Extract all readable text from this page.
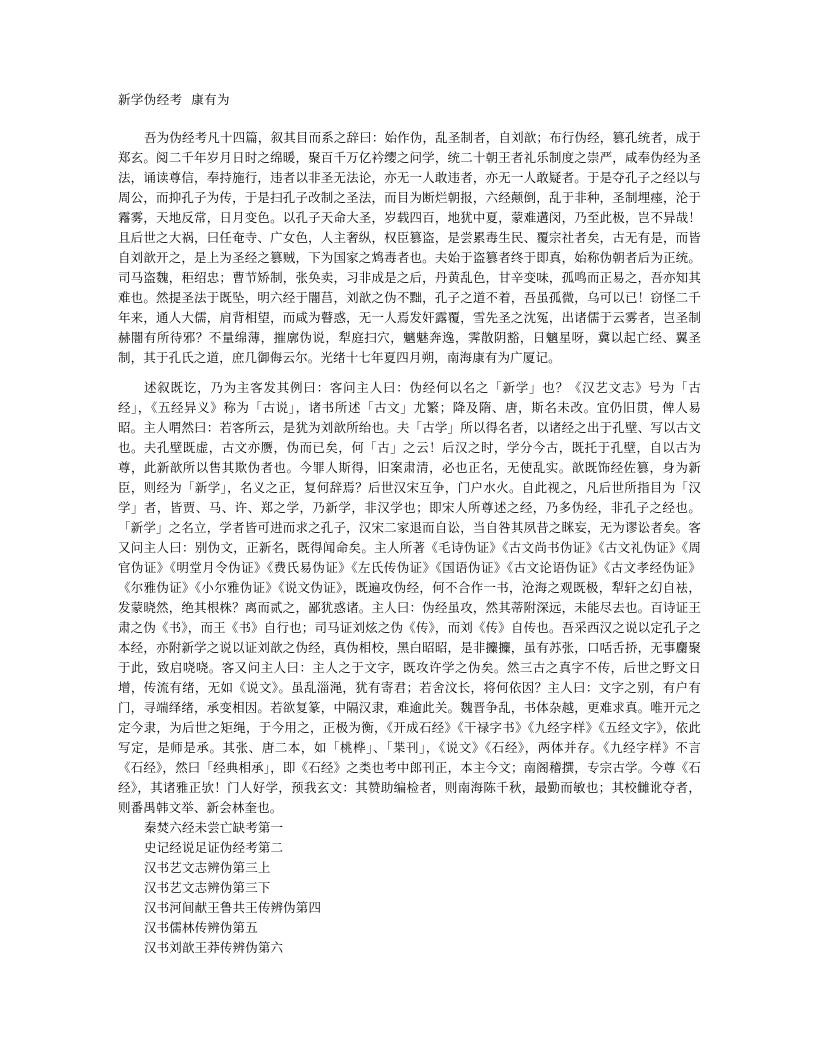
新学伪经考  康有为

吾为伪经考凡十四篇，叙其目而系之辞曰：始作伪，乱圣制者，自刘歆；布行伪经，篡孔统者，成于郑玄。阅二千年岁月日时之绵暖，聚百千万亿衿缨之问学，统二十朝王者礼乐制度之崇严，咸奉伪经为圣法，诵读尊信，奉持施行，违者以非圣无法论，亦无一人敢违者，亦无一人敢疑者。于是夺孔子之经以与周公，而抑孔子为传，于是扫孔子改制之圣法，而目为断烂朝报，六经颠倒，乱于非种，圣制埋瘗，沦于霿雾，天地反常，日月变色。以孔子天命大圣，岁载四百，地犹中夏，蒙难遘闵，乃至此极，岂不异哉！且后世之大祸，曰任奄寺、广女色，人主奢纵，权臣篡盗，是尝累毒生民、覆宗社者矣，古无有是，而皆自刘歆开之，是上为圣经之篡贼，下为国家之鸩毒者也。夫始于盗篡者终于即真，始称伪朝者后为正统。司马盗魏，秬绍忠；曹节矫制，张奂卖，习非成是之后，丹黄乱色，甘辛变味，孤鸣而正易之，吾亦知其难也。然提圣法于既坠，明六经于闇莒，刘歆之伪不黜，孔子之道不着，吾虽孤微，乌可以已！窃怪二千年来，通人大儒，肩背相望，而咸为瞽惑，无一人焉发奸露覆，雪先圣之沈冤，出诸儒于云雾者，岂圣制赫闇有所待邪？不量绵薄，摧廓伪说，犁庭扫穴，魑魅奔逸，霁散阴豁，日魑星呀，冀以起亡经、翼圣制，其于孔氏之道，庶几御侮云尔。光绪十七年夏四月朔，南海康有为广厦记。

述叙既讫，乃为主客发其例曰：客问主人曰：伪经何以名之「新学」也？《汉艺文志》号为「古经」，《五经异义》称为「古说」，诸书所述「古文」尤繁；降及隋、唐，斯名未改。宜仍旧贯，俾人易昭。主人喟然曰：若客所云，是犹为刘歆所绐也。夫「古学」所以得名者，以诸经之出于孔壁、写以古文也。夫孔壁既虚，古文亦赝，伪而已矣，何「古」之云！后汉之时，学分今古，既托于孔壁，自以古为尊，此新歆所以售其欺伪者也。今罪人斯得，旧案肃清，必也正名，无使乱实。歆既饰经佐篡，身为新臣，则经为「新学」，名义之正，复何辞焉？后世汉宋互争，门户水火。自此视之，凡后世所指目为「汉学」者，皆贾、马、许、郑之学，乃新学，非汉学也；即宋人所尊述之经，乃多伪经，非孔子之经也。「新学」之名立，学者皆可进而求之孔子，汉宋二家退而自讼，当自咎其夙昔之眯妄，无为谬讼者矣。客又问主人曰：别伪文，正新名，既得闻命矣。主人所著《毛诗伪证》《古文尚书伪证》《古文礼伪证》《周官伪证》《明堂月令伪证》《费氏易伪证》《左氏传伪证》《国语伪证》《古文论语伪证》《古文孝经伪证》《尔雅伪证》《小尔雅伪证》《说文伪证》，既遍攻伪经，何不合作一书，沧海之观既极，犁轩之幻自袪，发蒙晓然，绝其根株？离而贰之，鄙犹惑诸。主人曰：伪经虽攻，然其蒂附深远，未能尽去也。百诗证王肃之伪《书》，而王《书》自行也；司马证刘炫之伪《传》，而刘《传》自传也。吾采西汉之说以定孔子之本经，亦附新学之说以证刘歆之伪经，真伪相校，黑白昭昭，是非攗攗，虽有苏张，口咶舌挢，无事麕聚于此，致启哓哓。客又问主人曰：主人之于文字，既攻许学之伪矣。然三古之真字不传，后世之野文日增，传流有绪，无如《说文》。虽乱淄渑，犹有寄君；若舍汶长，将何依因？主人曰：文字之别，有户有门，寻端绎绪，承变相因。若欲复篆，中隔汉隶，难逾此关。魏晋争乱，书体杂越，更难求真。唯开元之定今隶，为后世之矩绳，于今用之，正极为衡，《开成石经》《干禄字书》《九经字样》《五经文字》，依此写定，是师是承。其张、唐二本，如「桃桦」、「枼刊」，《说文》《石经》，两体并存。《九经字样》不言《石经》，然曰「经典相承」，即《石经》之类也考中郎刊正，本主今文；南阁稽撰，专宗古学。今尊《石经》，其诸雅正欤！门人好学，预我玄文：其赞助编检者，则南海陈千秋，最勤而敏也；其校雠讹夺者，则番禺韩文举、新会林奎也。

秦焚六经未尝亡缺考第一
史记经说足证伪经考第二
汉书艺文志辨伪第三上
汉书艺文志辨伪第三下
汉书河间献王鲁共王传辨伪第四
汉书儒林传辨伪第五
汉书刘歆王莽传辨伪第六
